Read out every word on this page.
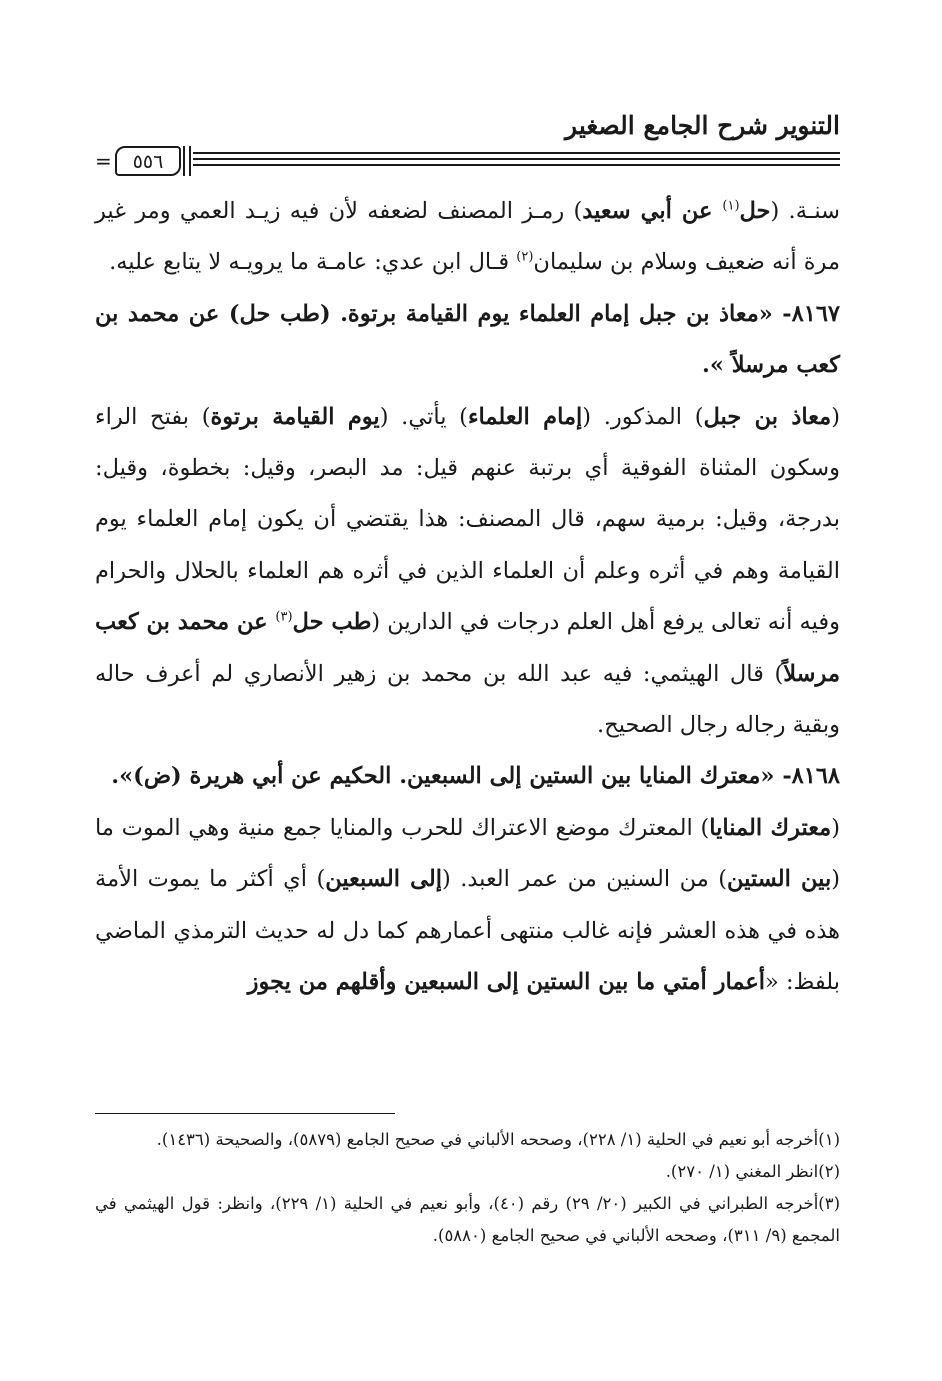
التنوير شرح الجامع الصغير
٥٥٦
=

سنـة. (حل$^{(١)}$ عن أبي سعيد) رمـز المصنف لضعفه لأن فيه زيـد العمي ومر غير مرة أنه ضعيف وسلام بن سليمان$^{(٢)}$ قـال ابن عدي: عامـة ما يرويـه لا يتابع عليه.

٨١٦٧- «معاذ بن جبل إمام العلماء يوم القيامة برتوة. (طب حل) عن محمد بن كعب مرسلاً ».

(معاذ بن جبل) المذكور. (إمام العلماء) يأتي. (يوم القيامة برتوة) بفتح الراء وسكون المثناة الفوقية أي برتبة عنهم قيل: مد البصر، وقيل: بخطوة، وقيل: بدرجة، وقيل: برمية سهم، قال المصنف: هذا يقتضي أن يكون إمام العلماء يوم القيامة وهم في أثره وعلم أن العلماء الذين في أثره هم العلماء بالحلال والحرام وفيه أنه تعالى يرفع أهل العلم درجات في الدارين (طب حل$^{(٣)}$ عن محمد بن كعب مرسلاً) قال الهيثمي: فيه عبد الله بن محمد بن زهير الأنصاري لم أعرف حاله وبقية رجاله رجال الصحيح.

٨١٦٨- «معترك المنايا بين الستين إلى السبعين. الحكيم عن أبي هريرة (ض)».

(معترك المنايا) المعترك موضع الاعتراك للحرب والمنايا جمع منية وهي الموت ما (بين الستين) من السنين من عمر العبد. (إلى السبعين) أي أكثر ما يموت الأمة هذه في هذه العشر فإنه غالب منتهى أعمارهم كما دل له حديث الترمذي الماضي بلفظ: «أعمار أمتي ما بين الستين إلى السبعين وأقلهم من يجوز

(١)أخرجه أبو نعيم في الحلية (١/ ٢٢٨)، وصححه الألباني في صحيح الجامع (٥٨٧٩)، والصحيحة (١٤٣٦).

(٢)انظر المغني (١/ ٢٧٠).

(٣)أخرجه الطبراني في الكبير (٢٠/ ٢٩) رقم (٤٠)، وأبو نعيم في الحلية (١/ ٢٢٩)، وانظر: قول الهيثمي في المجمع (٩/ ٣١١)، وصححه الألباني في صحيح الجامع (٥٨٨٠).
